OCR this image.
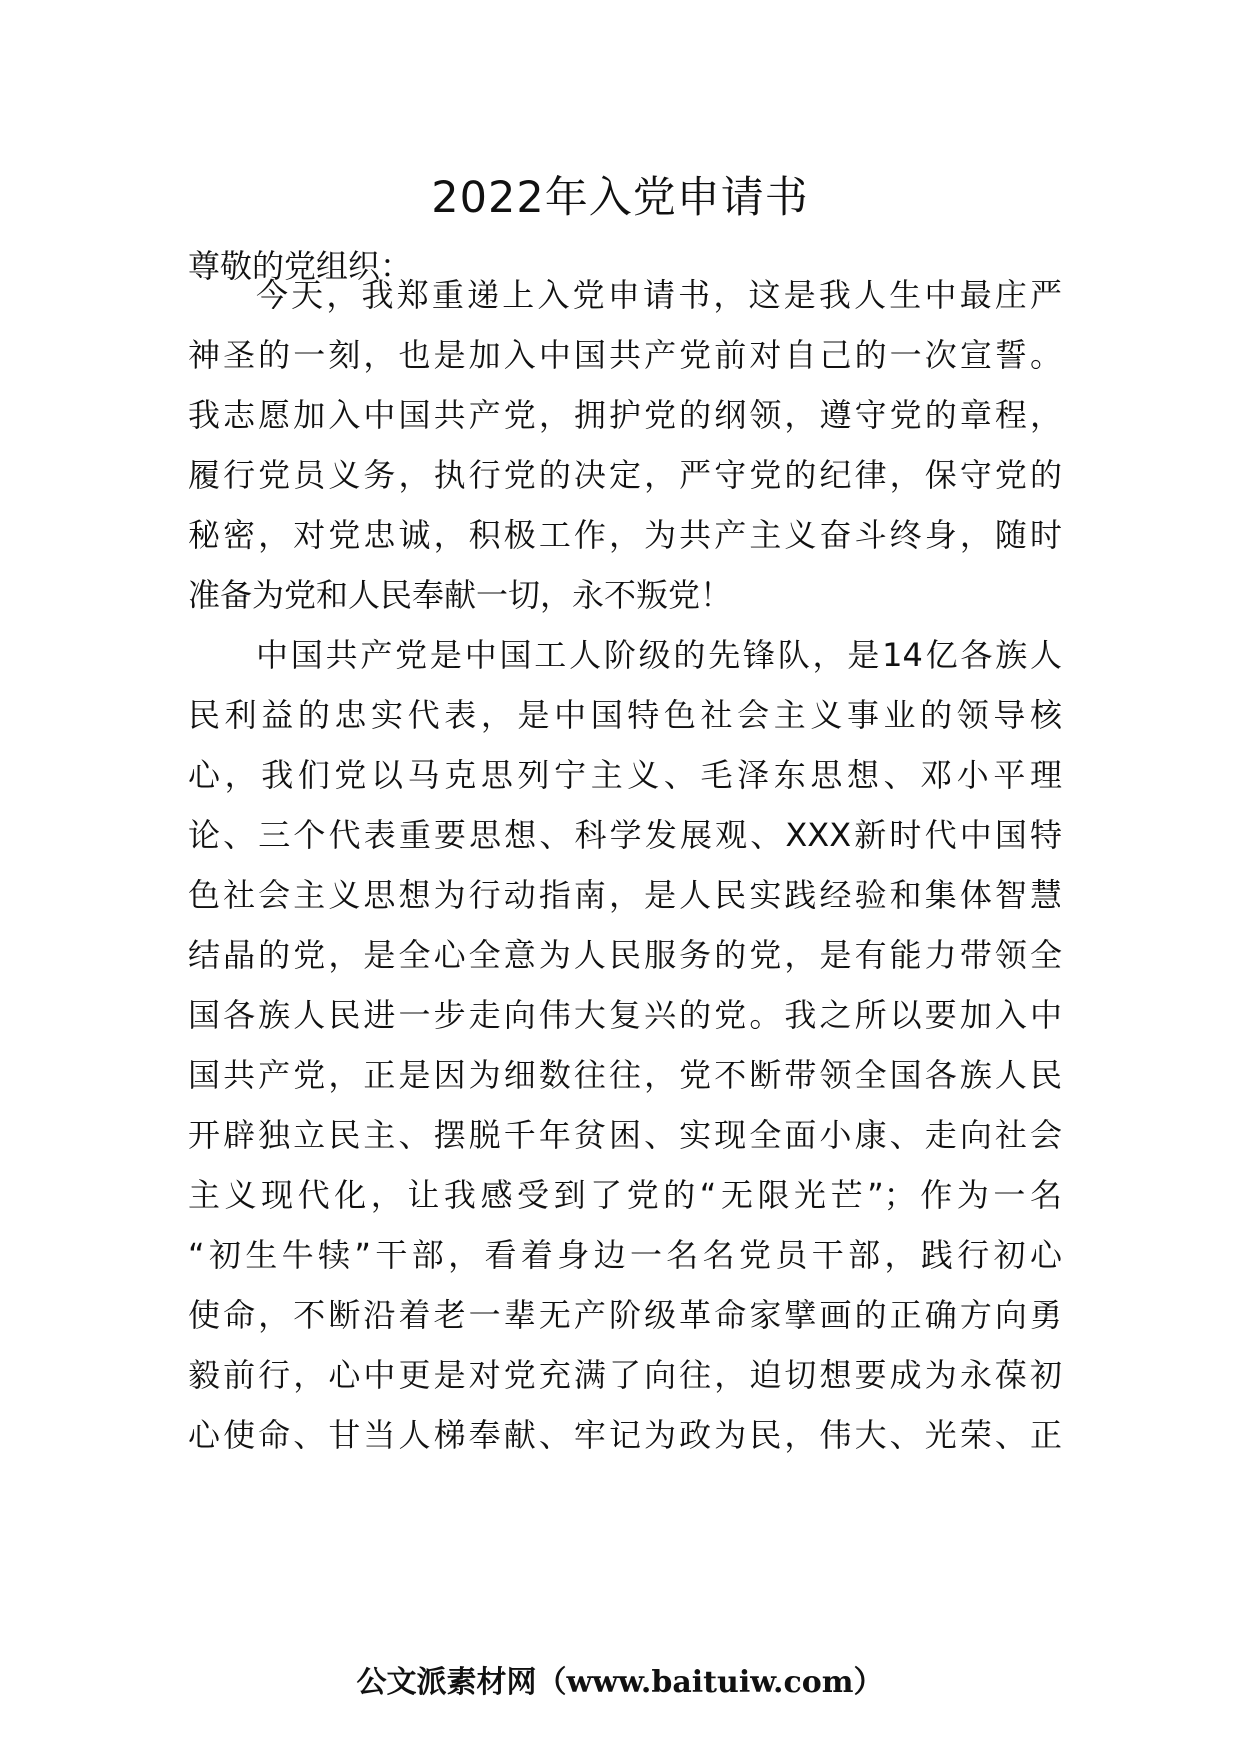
2022年入党申请书
尊敬的党组织：
今天，我郑重递上入党申请书，这是我人生中最庄严
神圣的一刻，也是加入中国共产党前对自己的一次宣誓。
我志愿加入中国共产党，拥护党的纲领，遵守党的章程，
履行党员义务，执行党的决定，严守党的纪律，保守党的
秘密，对党忠诚，积极工作，为共产主义奋斗终身，随时
准备为党和人民奉献一切，永不叛党！
中国共产党是中国工人阶级的先锋队，是14亿各族人
民利益的忠实代表，是中国特色社会主义事业的领导核
心，我们党以马克思列宁主义、毛泽东思想、邓小平理
论、三个代表重要思想、科学发展观、XXX新时代中国特
色社会主义思想为行动指南，是人民实践经验和集体智慧
结晶的党，是全心全意为人民服务的党，是有能力带领全
国各族人民进一步走向伟大复兴的党。我之所以要加入中
国共产党，正是因为细数往往，党不断带领全国各族人民
开辟独立民主、摆脱千年贫困、实现全面小康、走向社会
主义现代化，让我感受到了党的“无限光芒”；作为一名
“初生牛犊”干部，看着身边一名名党员干部，践行初心
使命，不断沿着老一辈无产阶级革命家擘画的正确方向勇
毅前行，心中更是对党充满了向往，迫切想要成为永葆初
心使命、甘当人梯奉献、牢记为政为民，伟大、光荣、正
公文派素材网（www.baituiw.com）
